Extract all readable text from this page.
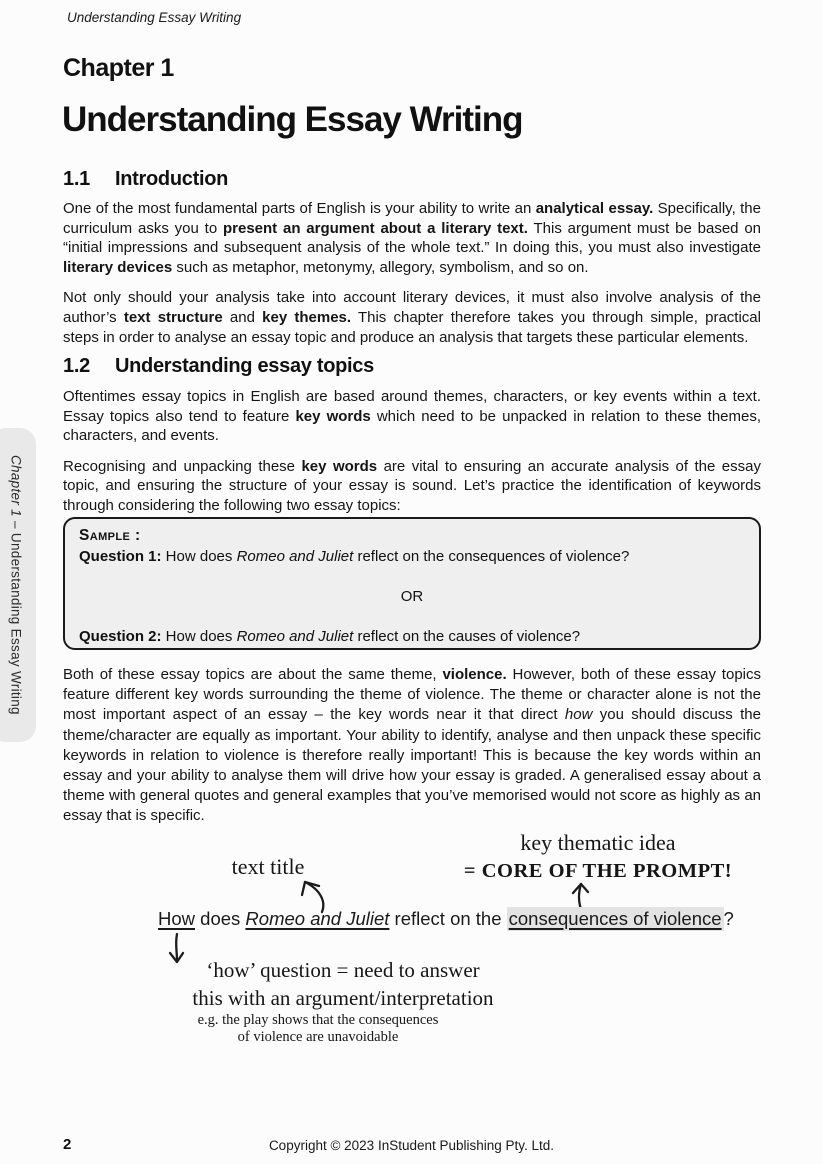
Understanding Essay Writing
Chapter 1
Understanding Essay Writing
1.1 Introduction

One of the most fundamental parts of English is your ability to write an analytical essay. Specifically, the curriculum asks you to present an argument about a literary text. This argument must be based on “initial impressions and subsequent analysis of the whole text.” In doing this, you must also investigate literary devices such as metaphor, metonymy, allegory, symbolism, and so on.

Not only should your analysis take into account literary devices, it must also involve analysis of the author’s text structure and key themes. This chapter therefore takes you through simple, practical steps in order to analyse an essay topic and produce an analysis that targets these particular elements.

1.2 Understanding essay topics

Oftentimes essay topics in English are based around themes, characters, or key events within a text. Essay topics also tend to feature key words which need to be unpacked in relation to these themes, characters, and events.

Recognising and unpacking these key words are vital to ensuring an accurate analysis of the essay topic, and ensuring the structure of your essay is sound. Let’s practice the identification of keywords through considering the following two essay topics:

Sample :
Question 1: How does Romeo and Juliet reflect on the consequences of violence?
OR
Question 2: How does Romeo and Juliet reflect on the causes of violence?

Both of these essay topics are about the same theme, violence. However, both of these essay topics feature different key words surrounding the theme of violence. The theme or character alone is not the most important aspect of an essay – the key words near it that direct how you should discuss the theme/character are equally as important. Your ability to identify, analyse and then unpack these specific keywords in relation to violence is therefore really important! This is because the key words within an essay and your ability to analyse them will drive how your essay is graded. A generalised essay about a theme with general quotes and general examples that you’ve memorised would not score as highly as an essay that is specific.

text title
key thematic idea
= CORE OF THE PROMPT!
How does Romeo and Juliet reflect on the consequences of violence ?
‘how’ question = need to answer
this with an argument/interpretation
e.g. the play shows that the consequences
of violence are unavoidable
Chapter 1 – Understanding Essay Writing
2	Copyright © 2023 InStudent Publishing Pty. Ltd.
